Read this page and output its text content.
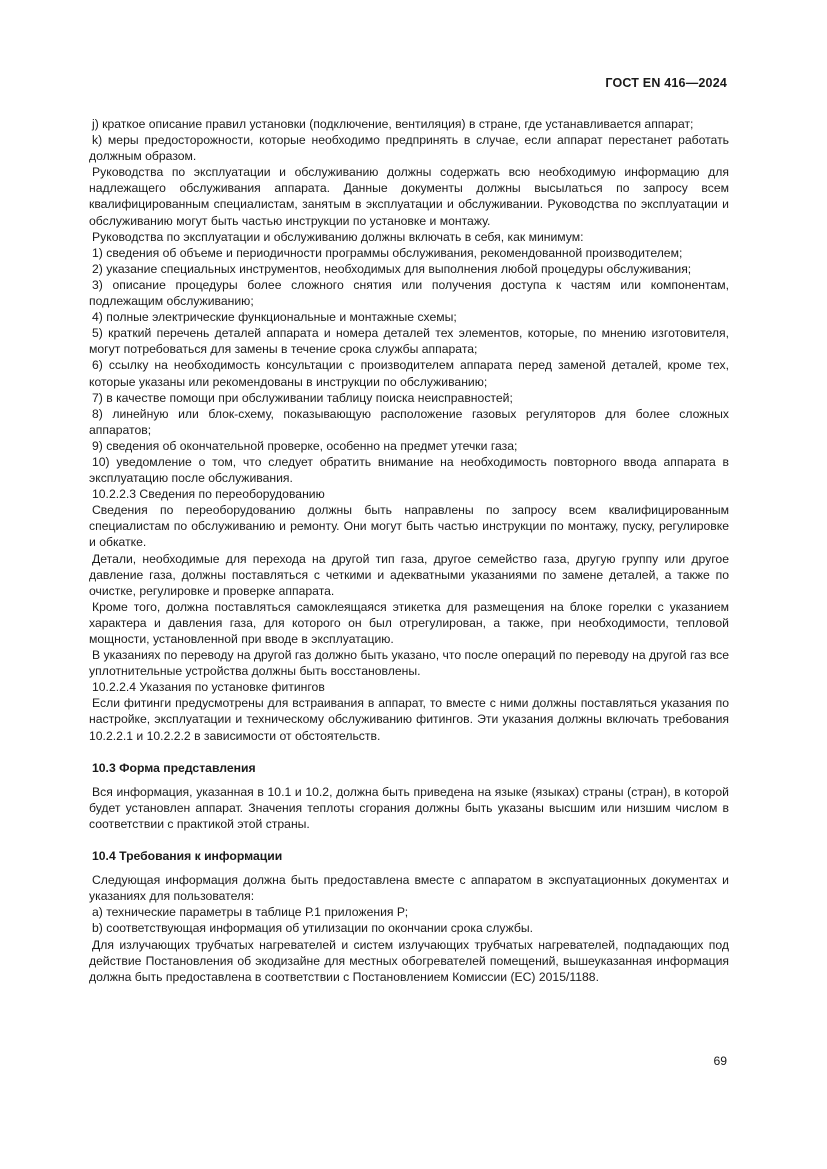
ГОСТ EN 416—2024

j) краткое описание правил установки (подключение, вентиляция) в стране, где устанавливается аппарат;

k) меры предосторожности, которые необходимо предпринять в случае, если аппарат перестанет работать должным образом.

Руководства по эксплуатации и обслуживанию должны содержать всю необходимую информацию для надлежащего обслуживания аппарата. Данные документы должны высылаться по запросу всем квалифицированным специалистам, занятым в эксплуатации и обслуживании. Руководства по эксплуатации и обслуживанию могут быть частью инструкции по установке и монтажу.

Руководства по эксплуатации и обслуживанию должны включать в себя, как минимум:

1) сведения об объеме и периодичности программы обслуживания, рекомендованной производителем;

2) указание специальных инструментов, необходимых для выполнения любой процедуры обслуживания;

3) описание процедуры более сложного снятия или получения доступа к частям или компонентам, подлежащим обслуживанию;

4) полные электрические функциональные и монтажные схемы;

5) краткий перечень деталей аппарата и номера деталей тех элементов, которые, по мнению изготовителя, могут потребоваться для замены в течение срока службы аппарата;

6) ссылку на необходимость консультации с производителем аппарата перед заменой деталей, кроме тех, которые указаны или рекомендованы в инструкции по обслуживанию;

7) в качестве помощи при обслуживании таблицу поиска неисправностей;

8) линейную или блок-схему, показывающую расположение газовых регуляторов для более сложных аппаратов;

9) сведения об окончательной проверке, особенно на предмет утечки газа;

10) уведомление о том, что следует обратить внимание на необходимость повторного ввода аппарата в эксплуатацию после обслуживания.

10.2.2.3 Сведения по переоборудованию

Сведения по переоборудованию должны быть направлены по запросу всем квалифицированным специалистам по обслуживанию и ремонту. Они могут быть частью инструкции по монтажу, пуску, регулировке и обкатке.

Детали, необходимые для перехода на другой тип газа, другое семейство газа, другую группу или другое давление газа, должны поставляться с четкими и адекватными указаниями по замене деталей, а также по очистке, регулировке и проверке аппарата.

Кроме того, должна поставляться самоклеящаяся этикетка для размещения на блоке горелки с указанием характера и давления газа, для которого он был отрегулирован, а также, при необходимости, тепловой мощности, установленной при вводе в эксплуатацию.

В указаниях по переводу на другой газ должно быть указано, что после операций по переводу на другой газ все уплотнительные устройства должны быть восстановлены.

10.2.2.4 Указания по установке фитингов

Если фитинги предусмотрены для встраивания в аппарат, то вместе с ними должны поставляться указания по настройке, эксплуатации и техническому обслуживанию фитингов. Эти указания должны включать требования 10.2.2.1 и 10.2.2.2 в зависимости от обстоятельств.

10.3 Форма представления

Вся информация, указанная в 10.1 и 10.2, должна быть приведена на языке (языках) страны (стран), в которой будет установлен аппарат. Значения теплоты сгорания должны быть указаны высшим или низшим числом в соответствии с практикой этой страны.

10.4 Требования к информации

Следующая информация должна быть предоставлена вместе с аппаратом в экспуатационных документах и указаниях для пользователя:

a) технические параметры в таблице Р.1 приложения Р;

b) соответствующая информация об утилизации по окончании срока службы.

Для излучающих трубчатых нагревателей и систем излучающих трубчатых нагревателей, подпадающих под действие Постановления об экодизайне для местных обогревателей помещений, вышеуказанная информация должна быть предоставлена в соответствии с Постановлением Комиссии (ЕС) 2015/1188.

69
